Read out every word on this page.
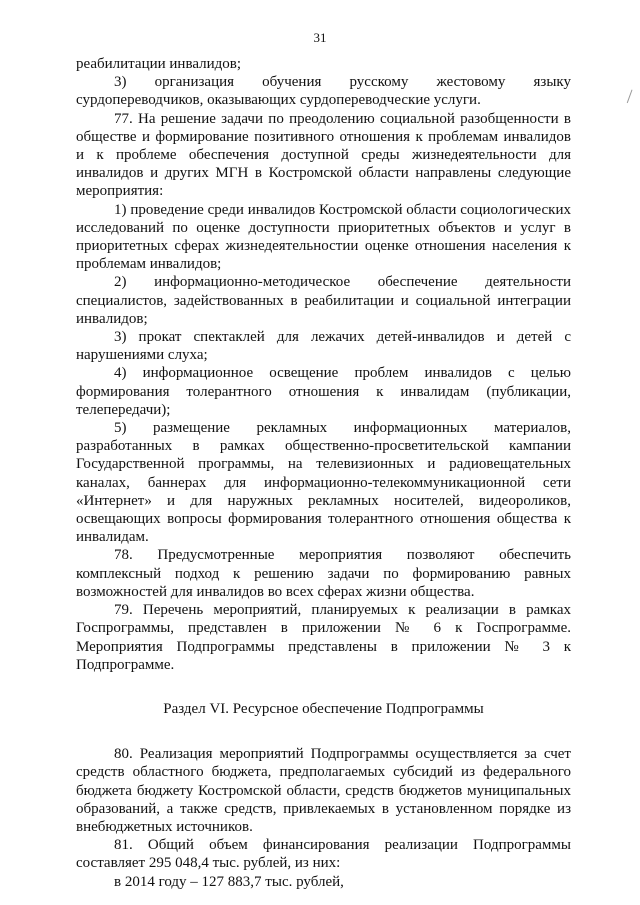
31

реабилитации инвалидов;

3) организация обучения русскому жестовому языку сурдопереводчиков, оказывающих сурдопереводческие услуги.

77. На решение задачи по преодолению социальной разобщенности в обществе и формирование позитивного отношения к проблемам инвалидов и к проблеме обеспечения доступной среды жизнедеятельности для инвалидов и других МГН в Костромской области направлены следующие мероприятия:

1) проведение среди инвалидов Костромской области социологических исследований по оценке доступности приоритетных объектов и услуг в приоритетных сферах жизнедеятельностии оценке отношения населения к проблемам инвалидов;

2) информационно-методическое обеспечение деятельности специалистов, задействованных в реабилитации и социальной интеграции инвалидов;

3) прокат спектаклей для лежачих детей-инвалидов и детей с нарушениями слуха;

4) информационное освещение проблем инвалидов с целью формирования толерантного отношения к инвалидам (публикации, телепередачи);

5) размещение рекламных информационных материалов, разработанных в рамках общественно-просветительской кампании Государственной программы, на телевизионных и радиовещательных каналах, баннерах для информационно-телекоммуникационной сети «Интернет» и для наружных рекламных носителей, видеороликов, освещающих вопросы формирования толерантного отношения общества к инвалидам.

78. Предусмотренные мероприятия позволяют обеспечить комплексный подход к решению задачи по формированию равных возможностей для инвалидов во всех сферах жизни общества.

79. Перечень мероприятий, планируемых к реализации в рамках Госпрограммы, представлен в приложении № 6 к Госпрограмме. Мероприятия Подпрограммы представлены в приложении № 3 к Подпрограмме.

Раздел VI. Ресурсное обеспечение Подпрограммы

80. Реализация мероприятий Подпрограммы осуществляется за счет средств областного бюджета, предполагаемых субсидий из федерального бюджета бюджету Костромской области, средств бюджетов муниципальных образований, а также средств, привлекаемых в установленном порядке из внебюджетных источников.

81. Общий объем финансирования реализации Подпрограммы составляет 295 048,4 тыс. рублей, из них:

в 2014 году – 127 883,7 тыс. рублей,
